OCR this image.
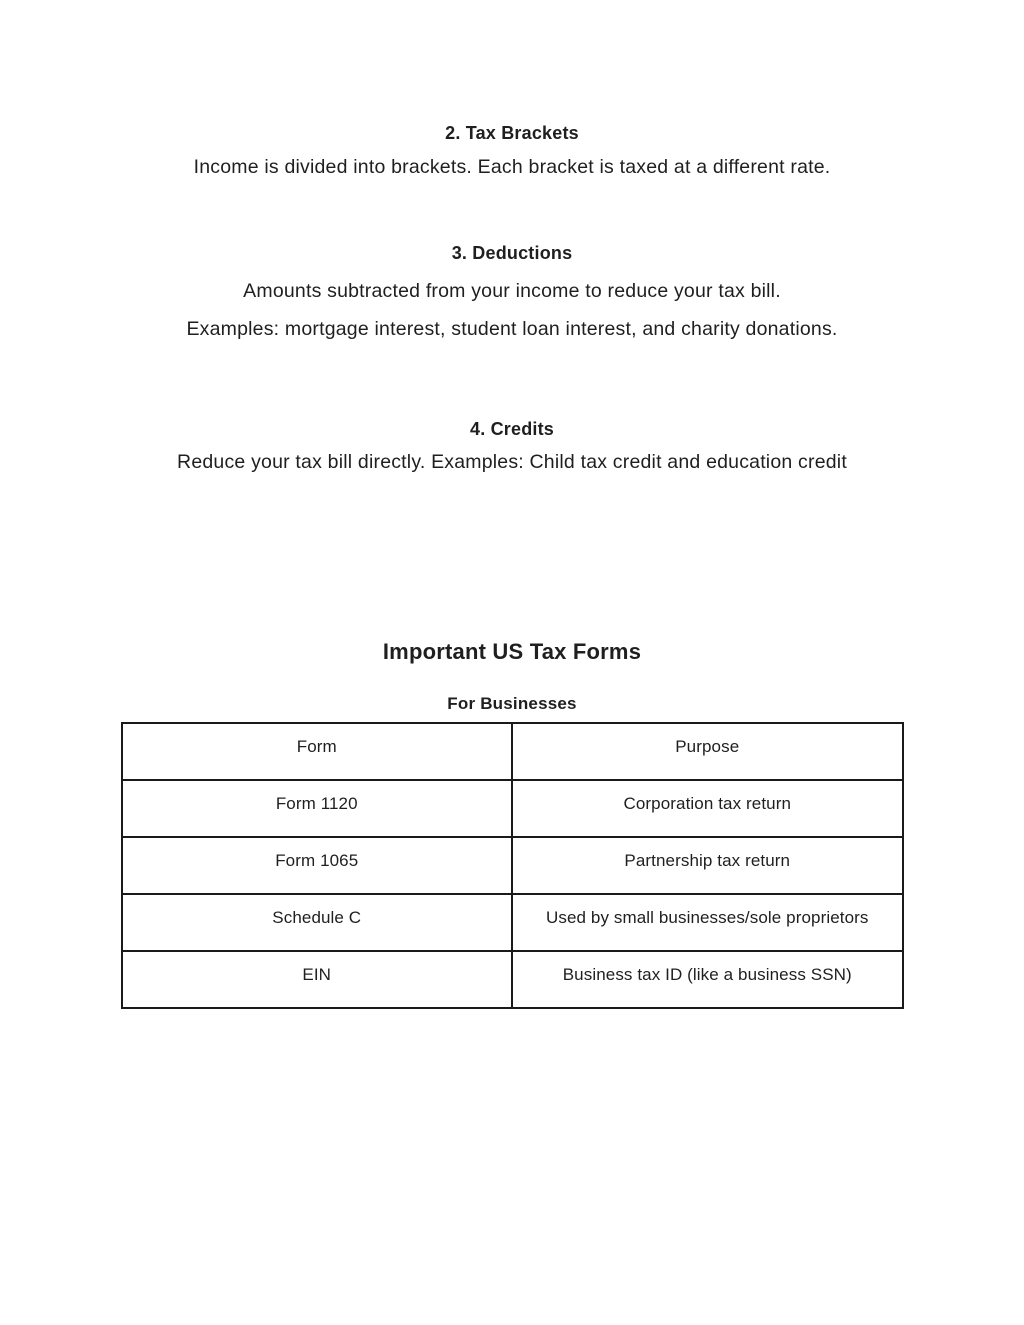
2. Tax Brackets

Income is divided into brackets. Each bracket is taxed at a different rate.

3. Deductions

Amounts subtracted from your income to reduce your tax bill.

Examples: mortgage interest, student loan interest, and charity donations.

4. Credits

Reduce your tax bill directly. Examples: Child tax credit and education credit

Important US Tax Forms
For Businesses
Form	Purpose
Form 1120	Corporation tax return
Form 1065	Partnership tax return
Schedule C	Used by small businesses/sole proprietors
EIN	Business tax ID (like a business SSN)
